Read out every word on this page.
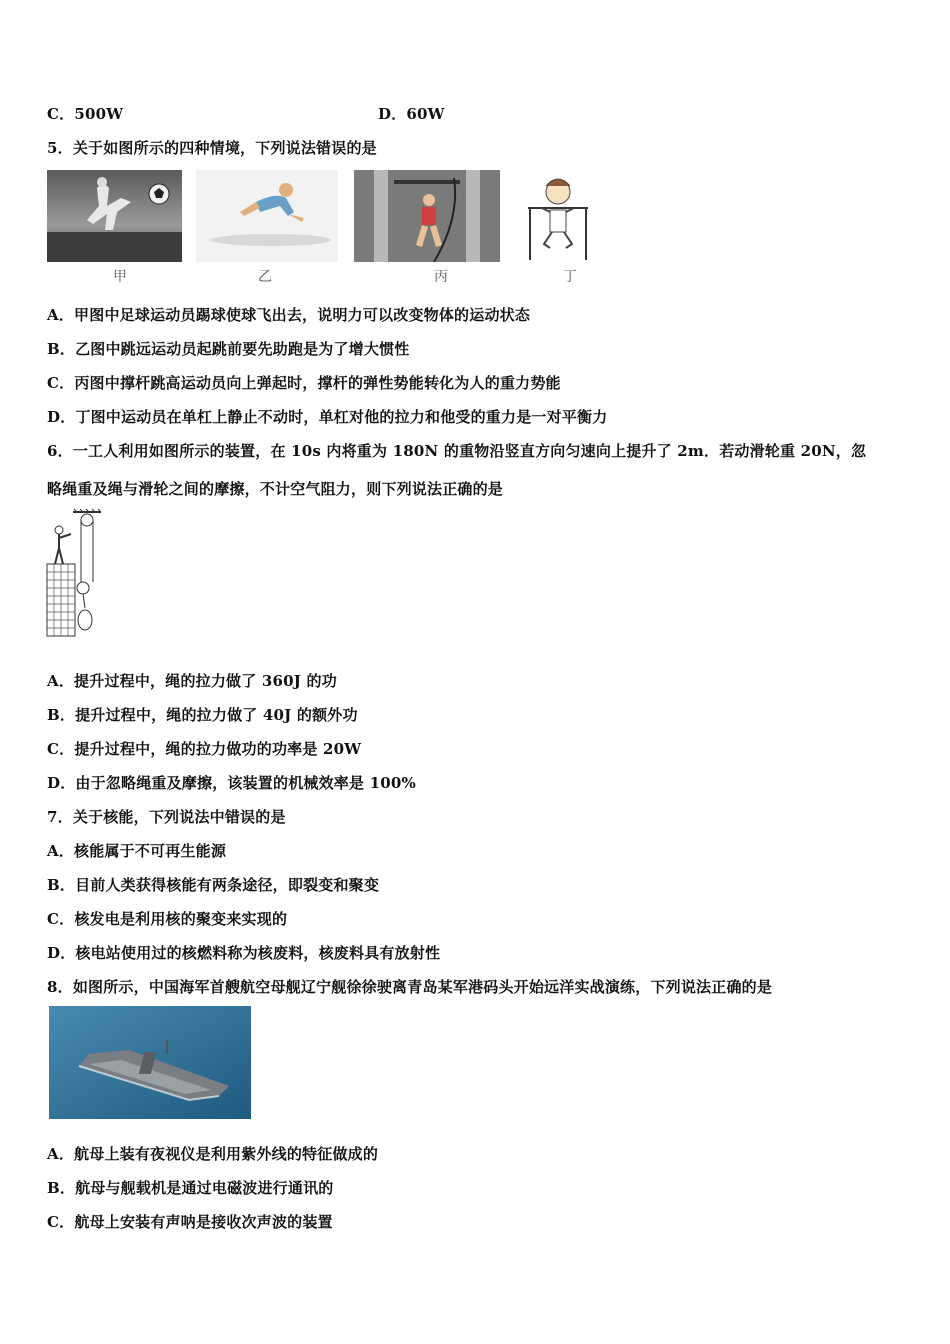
C．500W	D．60W
5．关于如图所示的四种情境，下列说法错误的是
甲	乙	丙	丁
A．甲图中足球运动员踢球使球飞出去，说明力可以改变物体的运动状态
B．乙图中跳远运动员起跳前要先助跑是为了增大惯性
C．丙图中撑杆跳高运动员向上弹起时，撑杆的弹性势能转化为人的重力势能
D．丁图中运动员在单杠上静止不动时，单杠对他的拉力和他受的重力是一对平衡力
6．一工人利用如图所示的装置，在 10s 内将重为 180N 的重物沿竖直方向匀速向上提升了 2m．若动滑轮重 20N，忽
略绳重及绳与滑轮之间的摩擦，不计空气阻力，则下列说法正确的是
A．提升过程中，绳的拉力做了 360J 的功
B．提升过程中，绳的拉力做了 40J 的额外功
C．提升过程中，绳的拉力做功的功率是 20W
D．由于忽略绳重及摩擦，该装置的机械效率是 100%
7．关于核能，下列说法中错误的是
A．核能属于不可再生能源
B．目前人类获得核能有两条途径，即裂变和聚变
C．核发电是利用核的聚变来实现的
D．核电站使用过的核燃料称为核废料，核废料具有放射性
8．如图所示，中国海军首艘航空母舰辽宁舰徐徐驶离青岛某军港码头开始远洋实战演练，下列说法正确的是
A．航母上装有夜视仪是利用紫外线的特征做成的
B．航母与舰载机是通过电磁波进行通讯的
C．航母上安装有声呐是接收次声波的装置
